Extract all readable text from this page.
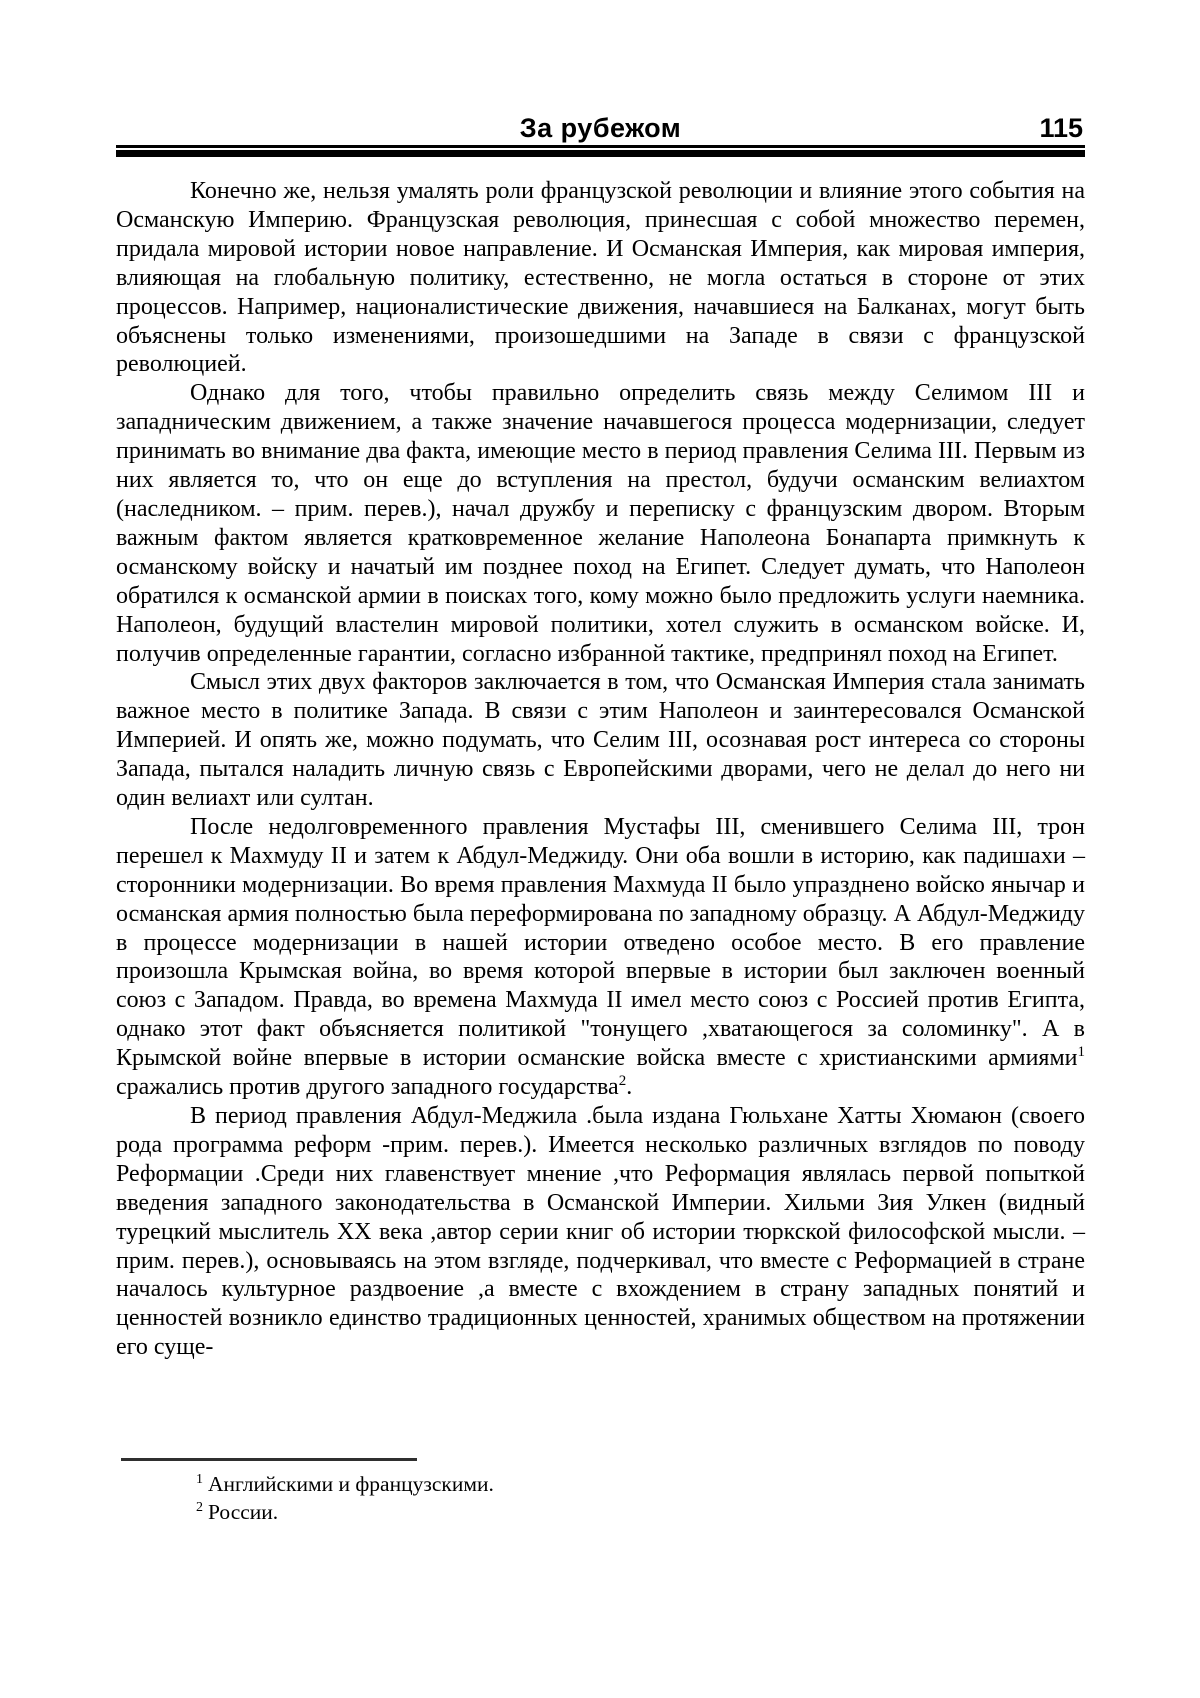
За рубежом	115

Конечно же, нельзя умалять роли французской революции и влияние этого события на Османскую Империю. Французская революция, принесшая с собой множество перемен, придала мировой истории новое направление. И Османская Империя, как мировая империя, влияющая на глобальную политику, естественно, не могла остаться в стороне от этих процессов. Например, националистические движения, начавшиеся на Балканах, могут быть объяснены только изменениями, произошедшими на Западе в связи с французской революцией.

Однако для того, чтобы правильно определить связь между Селимом III и западническим движением, а также значение начавшегося процесса модернизации, следует принимать во внимание два факта, имеющие место в период правления Селима III. Первым из них является то, что он еще до вступления на престол, будучи османским велиахтом (наследником. – прим. перев.), начал дружбу и переписку с французским двором. Вторым важным фактом является кратковременное желание Наполеона Бонапарта примкнуть к османскому войску и начатый им позднее поход на Египет. Следует думать, что Наполеон обратился к османской армии в поисках того, кому можно было предложить услуги наемника. Наполеон, будущий властелин мировой политики, хотел служить в османском войске. И, получив определенные гарантии, согласно избранной тактике, предпринял поход на Египет.

Смысл этих двух факторов заключается в том, что Османская Империя стала занимать важное место в политике Запада. В связи с этим Наполеон и заинтересовался Османской Империей. И опять же, можно подумать, что Селим III, осознавая рост интереса со стороны Запада, пытался наладить личную связь с Европейскими дворами, чего не делал до него ни один велиахт или султан.

После недолговременного правления Мустафы III, сменившего Селима III, трон перешел к Махмуду II и затем к Абдул-Меджиду. Они оба вошли в историю, как падишахи – сторонники модернизации. Во время правления Махмуда II было упразднено войско янычар и османская армия полностью была переформирована по западному образцу. А Абдул-Меджиду в процессе модернизации в нашей истории отведено особое место. В его правление произошла Крымская война, во время которой впервые в истории был заключен военный союз с Западом. Правда, во времена Махмуда II имел место союз с Россией против Египта, однако этот факт объясняется политикой "тонущего ,хватающегося за соломинку". А в Крымской войне впервые в истории османские войска вместе с христианскими армиями$^1$ сражались против другого западного государства$^2$.

В период правления Абдул-Меджила .была издана Гюльхане Хатты Хюмаюн (своего рода программа реформ -прим. перев.). Имеется несколько различных взглядов по поводу Реформации .Среди них главенствует мнение ,что Реформация являлась первой попыткой введения западного законодательства в Османской Империи. Хильми Зия Улкен (видный турецкий мыслитель XX века ,автор серии книг об истории тюркской философской мысли. – прим. перев.), основываясь на этом взгляде, подчеркивал, что вместе с Реформацией в стране началось культурное раздвоение ,а вместе с вхождением в страну западных понятий и ценностей возникло единство традиционных ценностей, хранимых обществом на протяжении его суще-

$^1$ Английскими и французскими.
$^2$ России.
